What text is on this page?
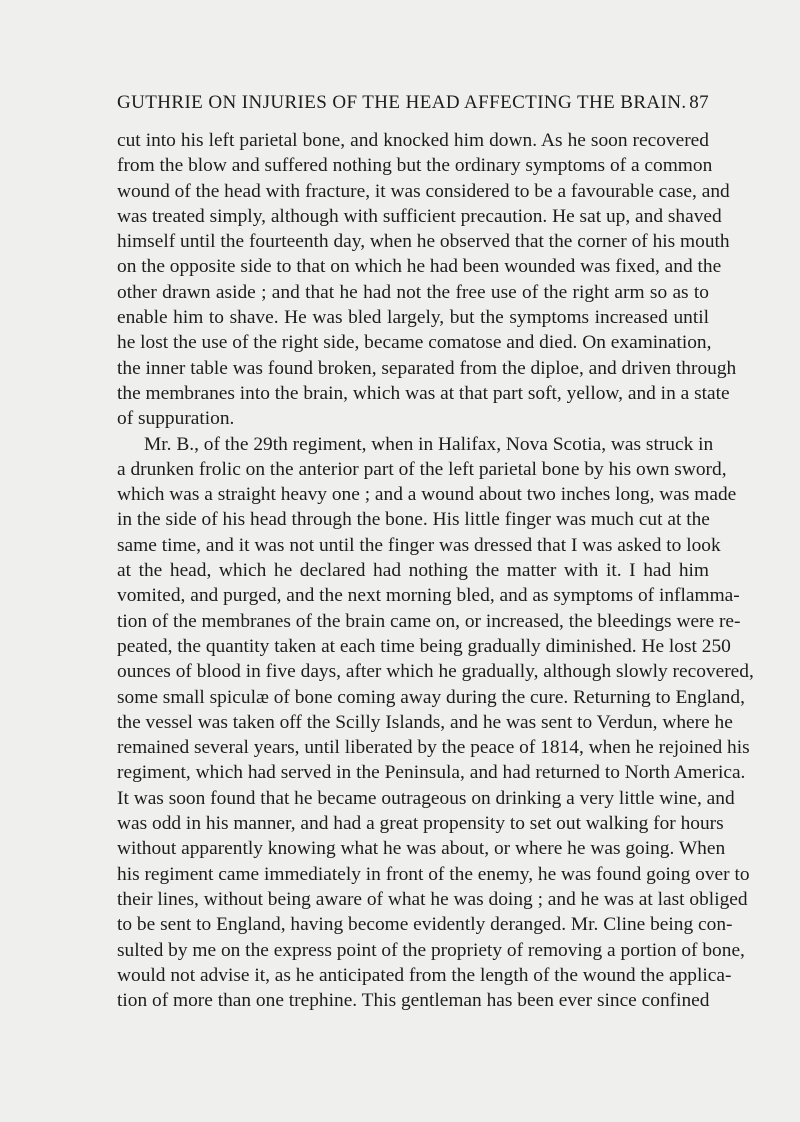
GUTHRIE ON INJURIES OF THE HEAD AFFECTING THE BRAIN. 87
cut into his left parietal bone, and knocked him down. As he soon recovered
from the blow and suffered nothing but the ordinary symptoms of a common
wound of the head with fracture, it was considered to be a favourable case, and
was treated simply, although with sufficient precaution. He sat up, and shaved
himself until the fourteenth day, when he observed that the corner of his mouth
on the opposite side to that on which he had been wounded was fixed, and the
other drawn aside ; and that he had not the free use of the right arm so as to
enable him to shave. He was bled largely, but the symptoms increased until
he lost the use of the right side, became comatose and died. On examination,
the inner table was found broken, separated from the diploe, and driven through
the membranes into the brain, which was at that part soft, yellow, and in a state
of suppuration.
Mr. B., of the 29th regiment, when in Halifax, Nova Scotia, was struck in
a drunken frolic on the anterior part of the left parietal bone by his own sword,
which was a straight heavy one ; and a wound about two inches long, was made
in the side of his head through the bone. His little finger was much cut at the
same time, and it was not until the finger was dressed that I was asked to look
at the head, which he declared had nothing the matter with it. I had him
vomited, and purged, and the next morning bled, and as symptoms of inflamma-
tion of the membranes of the brain came on, or increased, the bleedings were re-
peated, the quantity taken at each time being gradually diminished. He lost 250
ounces of blood in five days, after which he gradually, although slowly recovered,
some small spiculæ of bone coming away during the cure. Returning to England,
the vessel was taken off the Scilly Islands, and he was sent to Verdun, where he
remained several years, until liberated by the peace of 1814, when he rejoined his
regiment, which had served in the Peninsula, and had returned to North America.
It was soon found that he became outrageous on drinking a very little wine, and
was odd in his manner, and had a great propensity to set out walking for hours
without apparently knowing what he was about, or where he was going. When
his regiment came immediately in front of the enemy, he was found going over to
their lines, without being aware of what he was doing ; and he was at last obliged
to be sent to England, having become evidently deranged. Mr. Cline being con-
sulted by me on the express point of the propriety of removing a portion of bone,
would not advise it, as he anticipated from the length of the wound the applica-
tion of more than one trephine. This gentleman has been ever since confined
